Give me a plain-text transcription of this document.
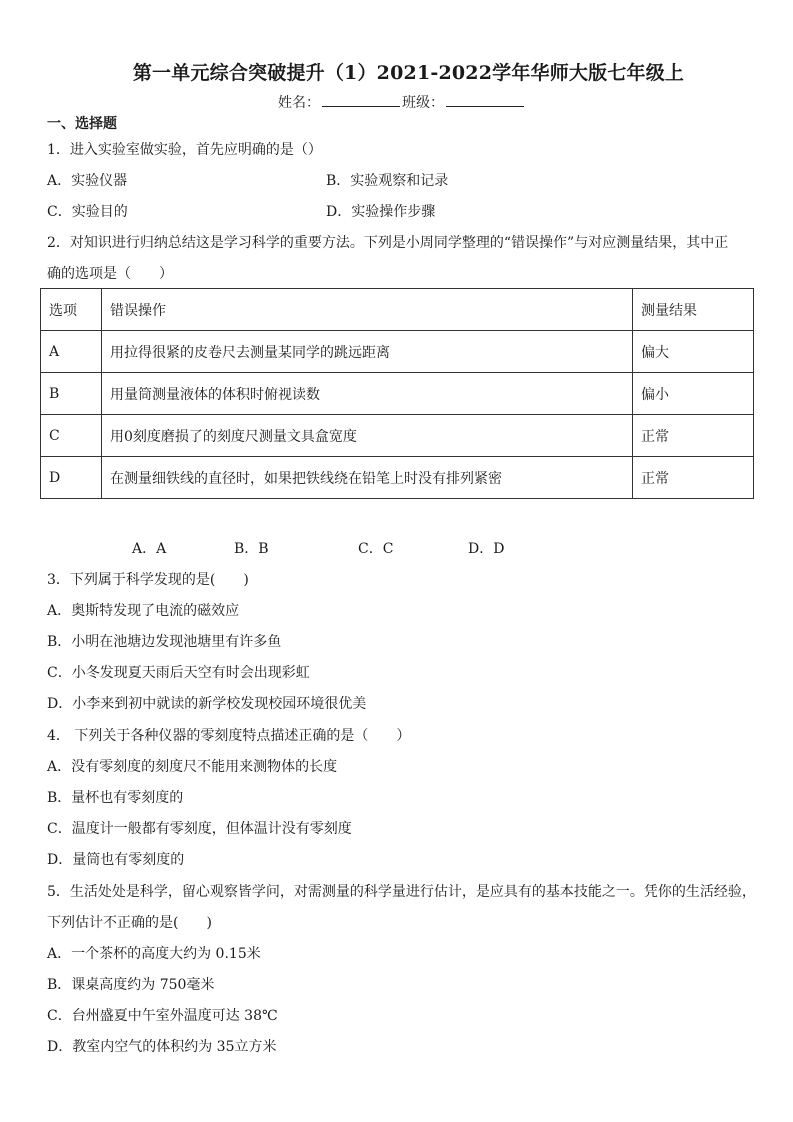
第一单元综合突破提升（1）2021-2022学年华师大版七年级上
姓名：	班级：
一、选择题
1．进入实验室做实验，首先应明确的是（）
A．实验仪器	B．实验观察和记录
C．实验目的	D．实验操作步骤
2．对知识进行归纳总结这是学习科学的重要方法。下列是小周同学整理的“错误操作”与对应测量结果，其中正
确的选项是（　　）
选项	错误操作	测量结果
A	用拉得很紧的皮卷尺去测量某同学的跳远距离	偏大
B	用量筒测量液体的体积时俯视读数	偏小
C	用0刻度磨损了的刻度尺测量文具盒宽度	正常
D	在测量细铁线的直径时，如果把铁线绕在铅笔上时没有排列紧密	正常
A．A	B．B	C．C	D．D
3．下列属于科学发现的是(　　)
A．奥斯特发现了电流的磁效应
B．小明在池塘边发现池塘里有许多鱼
C．小冬发现夏天雨后天空有时会出现彩虹
D．小李来到初中就读的新学校发现校园环境很优美
4． 下列关于各种仪器的零刻度特点描述正确的是（　　）
A．没有零刻度的刻度尺不能用来测物体的长度
B．量杯也有零刻度的
C．温度计一般都有零刻度，但体温计没有零刻度
D．量筒也有零刻度的
5．生活处处是科学，留心观察皆学问，对需测量的科学量进行估计，是应具有的基本技能之一。凭你的生活经验，
下列估计不正确的是(　　)
A．一个茶杯的高度大约为 0.15米
B．课桌高度约为 750毫米
C．台州盛夏中午室外温度可达 38℃
D．教室内空气的体积约为 35立方米
